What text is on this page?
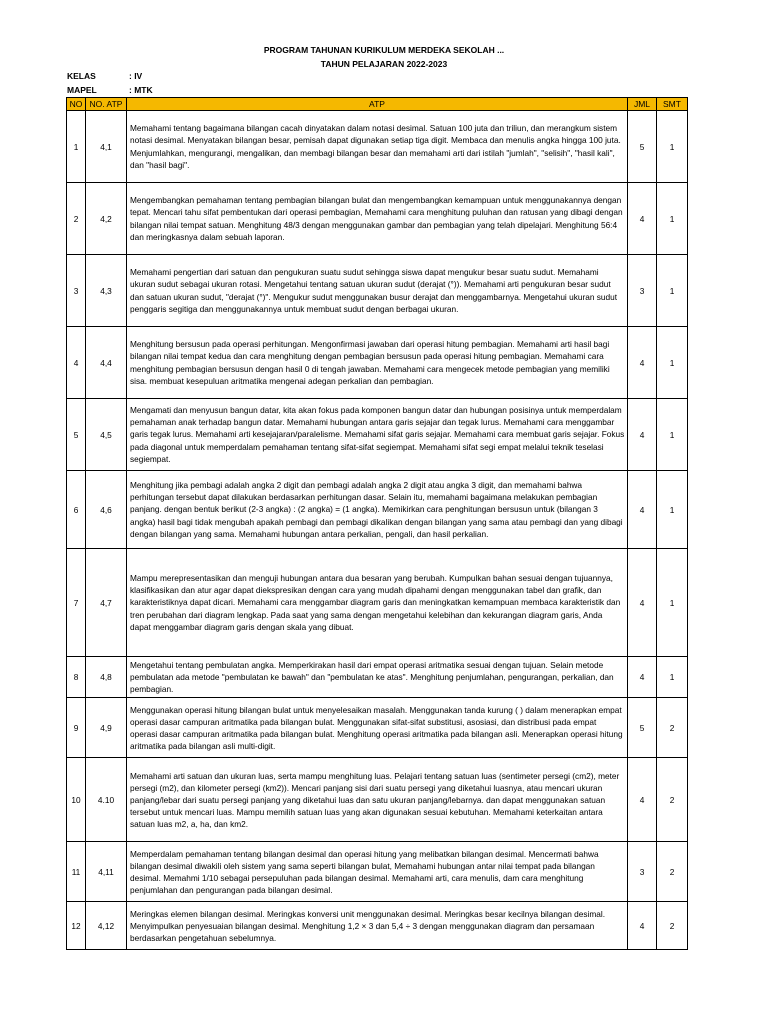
PROGRAM TAHUNAN KURIKULUM MERDEKA SEKOLAH ...
TAHUN PELAJARAN 2022-2023
KELAS	: IV
MAPEL	: MTK
NO	NO. ATP	ATP	JML	SMT
1	4,1	Memahami tentang bagaimana bilangan cacah dinyatakan dalam notasi desimal. Satuan 100 juta dan triliun, dan merangkum sistem notasi desimal. Menyatakan bilangan besar, pemisah dapat digunakan setiap tiga digit. Membaca dan menulis angka hingga 100 juta. Menjumlahkan, mengurangi, mengalikan, dan membagi bilangan besar dan memahami arti dari istilah "jumlah", "selisih", "hasil kali", dan "hasil bagi".	5	1
2	4,2	Mengembangkan pemahaman tentang pembagian bilangan bulat dan mengembangkan kemampuan untuk menggunakannya dengan tepat. Mencari tahu sifat pembentukan dari operasi pembagian, Memahami cara menghitung puluhan dan ratusan yang dibagi dengan bilangan nilai tempat satuan. Menghitung 48/3 dengan menggunakan gambar dan pembagian yang telah dipelajari. Menghitung 56:4 dan meringkasnya dalam sebuah laporan.	4	1
3	4,3	Memahami pengertian dari satuan dan pengukuran suatu sudut sehingga siswa dapat mengukur besar suatu sudut. Memahami ukuran sudut sebagai ukuran rotasi. Mengetahui tentang satuan ukuran sudut (derajat (°)). Memahami arti pengukuran besar sudut dan satuan ukuran sudut, "derajat (°)". Mengukur sudut menggunakan busur derajat dan menggambarnya. Mengetahui ukuran sudut penggaris segitiga dan menggunakannya untuk membuat sudut dengan berbagai ukuran.	3	1
4	4,4	Menghitung bersusun pada operasi perhitungan. Mengonfirmasi jawaban dari operasi hitung pembagian. Memahami arti hasil bagi bilangan nilai tempat kedua dan cara menghitung dengan pembagian bersusun pada operasi hitung pembagian. Memahami cara menghitung pembagian bersusun dengan hasil 0 di tengah jawaban. Memahami cara mengecek metode pembagian yang memiliki sisa. membuat kesepuluan aritmatika mengenai adegan perkalian dan pembagian.	4	1
5	4,5	Mengamati dan menyusun bangun datar, kita akan fokus pada komponen bangun datar dan hubungan posisinya untuk memperdalam pemahaman anak terhadap bangun datar. Memahami hubungan antara garis sejajar dan tegak lurus. Memahami cara menggambar garis tegak lurus. Memahami arti kesejajaran/paralelisme. Memahami sifat garis sejajar. Memahami cara membuat garis sejajar. Fokus pada diagonal untuk memperdalam pemahaman tentang sifat-sifat segiempat. Memahami sifat segi empat melalui teknik teselasi segiempat.	4	1
6	4,6	Menghitung jika pembagi adalah angka 2 digit dan pembagi adalah angka 2 digit atau angka 3 digit, dan memahami bahwa perhitungan tersebut dapat dilakukan berdasarkan perhitungan dasar. Selain itu, memahami bagaimana melakukan pembagian panjang. dengan bentuk berikut (2-3 angka) : (2 angka) = (1 angka). Memikirkan cara penghitungan bersusun untuk (bilangan 3 angka) hasil bagi tidak mengubah apakah pembagi dan pembagi dikalikan dengan bilangan yang sama atau pembagi dan yang dibagi dengan bilangan yang sama. Memahami hubungan antara perkalian, pengali, dan hasil perkalian.	4	1
7	4,7	Mampu merepresentasikan dan menguji hubungan antara dua besaran yang berubah. Kumpulkan bahan sesuai dengan tujuannya, klasifikasikan dan atur agar dapat diekspresikan dengan cara yang mudah dipahami dengan menggunakan tabel dan grafik, dan karakteristiknya dapat dicari. Memahami cara menggambar diagram garis dan meningkatkan kemampuan membaca karakteristik dan tren perubahan dari diagram lengkap. Pada saat yang sama dengan mengetahui kelebihan dan kekurangan diagram garis, Anda dapat menggambar diagram garis dengan skala yang dibuat.	4	1
8	4,8	Mengetahui tentang pembulatan angka. Memperkirakan hasil dari empat operasi aritmatika sesuai dengan tujuan. Selain metode pembulatan ada metode "pembulatan ke bawah" dan "pembulatan ke atas". Menghitung penjumlahan, pengurangan, perkalian, dan pembagian.	4	1
9	4,9	Menggunakan operasi hitung bilangan bulat untuk menyelesaikan masalah. Menggunakan tanda kurung ( ) dalam menerapkan empat operasi dasar campuran aritmatika pada bilangan bulat. Menggunakan sifat-sifat substitusi, asosiasi, dan distribusi pada empat operasi dasar campuran aritmatika pada bilangan bulat. Menghitung operasi aritmatika pada bilangan asli. Menerapkan operasi hitung aritmatika pada bilangan asli multi-digit.	5	2
10	4.10	Memahami arti satuan dan ukuran luas, serta mampu menghitung luas. Pelajari tentang satuan luas (sentimeter persegi (cm2), meter persegi (m2), dan kilometer persegi (km2)). Mencari panjang sisi dari suatu persegi yang diketahui luasnya, atau mencari ukuran panjang/lebar dari suatu persegi panjang yang diketahui luas dan satu ukuran panjang/lebarnya. dan dapat menggunakan satuan tersebut untuk mencari luas. Mampu memilih satuan luas yang akan digunakan sesuai kebutuhan. Memahami keterkaitan antara satuan luas m2, a, ha, dan km2.	4	2
11	4,11	Memperdalam pemahaman tentang bilangan desimal dan operasi hitung yang melibatkan bilangan desimal. Mencermati bahwa bilangan desimal diwakili oleh sistem yang sama seperti bilangan bulat, Memahami hubungan antar nilai tempat pada bilangan desimal. Memahmi 1/10 sebagai persepuluhan pada bilangan desimal. Memahami arti, cara menulis, dam cara menghitung penjumlahan dan pengurangan pada bilangan desimal.	3	2
12	4,12	Meringkas elemen bilangan desimal. Meringkas konversi unit menggunakan desimal. Meringkas besar kecilnya bilangan desimal. Menyimpulkan penyesuaian bilangan desimal. Menghitung 1,2 × 3 dan 5,4 ÷ 3 dengan menggunakan diagram dan persamaan berdasarkan pengetahuan sebelumnya.	4	2
